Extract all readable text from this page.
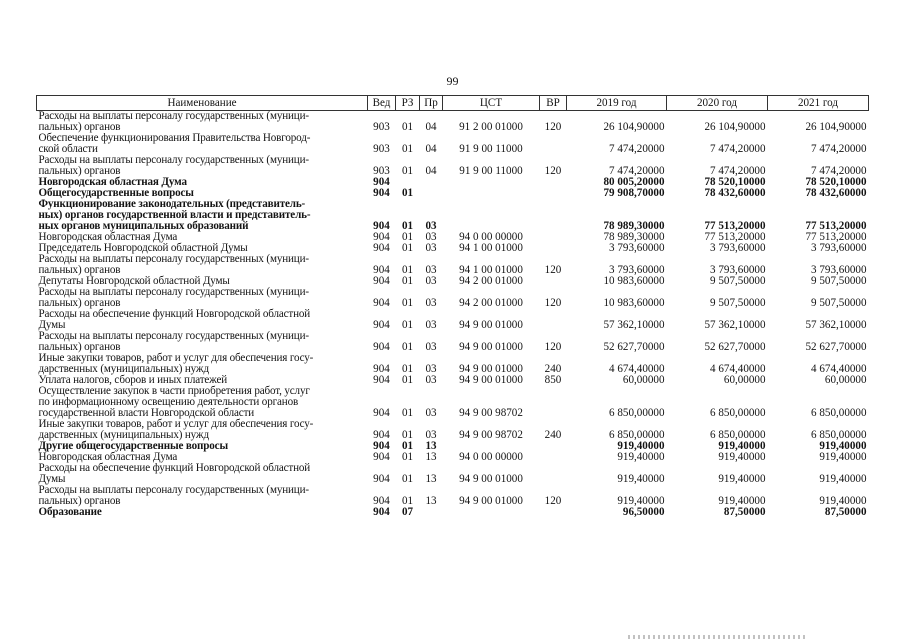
99
Наименование	Вед	РЗ	Пр	ЦСТ	ВР	2019 год	2020 год	2021 год
Расходы на выплаты персоналу государственных (муници-
пальных) органов	903	01	04	91 2 00 01000	120	26 104,90000	26 104,90000	26 104,90000
Обеспечение функционирования Правительства Новгород-
ской области	903	01	04	91 9 00 11000		7 474,20000	7 474,20000	7 474,20000
Расходы на выплаты персоналу государственных (муници-
пальных) органов	903	01	04	91 9 00 11000	120	7 474,20000	7 474,20000	7 474,20000
Новгородская областная Дума	904					80 005,20000	78 520,10000	78 520,10000
Общегосударственные вопросы	904	01				79 908,70000	78 432,60000	78 432,60000
Функционирование законодательных (представитель-
ных) органов государственной власти и представитель-
ных органов муниципальных образований	904	01	03			78 989,30000	77 513,20000	77 513,20000
Новгородская областная Дума	904	01	03	94 0 00 00000		78 989,30000	77 513,20000	77 513,20000
Председатель Новгородской областной Думы	904	01	03	94 1 00 01000		3 793,60000	3 793,60000	3 793,60000
Расходы на выплаты персоналу государственных (муници-
пальных) органов	904	01	03	94 1 00 01000	120	3 793,60000	3 793,60000	3 793,60000
Депутаты Новгородской областной Думы	904	01	03	94 2 00 01000		10 983,60000	9 507,50000	9 507,50000
Расходы на выплаты персоналу государственных (муници-
пальных) органов	904	01	03	94 2 00 01000	120	10 983,60000	9 507,50000	9 507,50000
Расходы на обеспечение функций Новгородской областной
Думы	904	01	03	94 9 00 01000		57 362,10000	57 362,10000	57 362,10000
Расходы на выплаты персоналу государственных (муници-
пальных) органов	904	01	03	94 9 00 01000	120	52 627,70000	52 627,70000	52 627,70000
Иные закупки товаров, работ и услуг для обеспечения госу-
дарственных (муниципальных) нужд	904	01	03	94 9 00 01000	240	4 674,40000	4 674,40000	4 674,40000
Уплата налогов, сборов и иных платежей	904	01	03	94 9 00 01000	850	60,00000	60,00000	60,00000
Осуществление закупок в части приобретения работ, услуг
по информационному освещению деятельности органов
государственной власти Новгородской области	904	01	03	94 9 00 98702		6 850,00000	6 850,00000	6 850,00000
Иные закупки товаров, работ и услуг для обеспечения госу-
дарственных (муниципальных) нужд	904	01	03	94 9 00 98702	240	6 850,00000	6 850,00000	6 850,00000
Другие общегосударственные вопросы	904	01	13			919,40000	919,40000	919,40000
Новгородская областная Дума	904	01	13	94 0 00 00000		919,40000	919,40000	919,40000
Расходы на обеспечение функций Новгородской областной
Думы	904	01	13	94 9 00 01000		919,40000	919,40000	919,40000
Расходы на выплаты персоналу государственных (муници-
пальных) органов	904	01	13	94 9 00 01000	120	919,40000	919,40000	919,40000
Образование	904	07				96,50000	87,50000	87,50000
